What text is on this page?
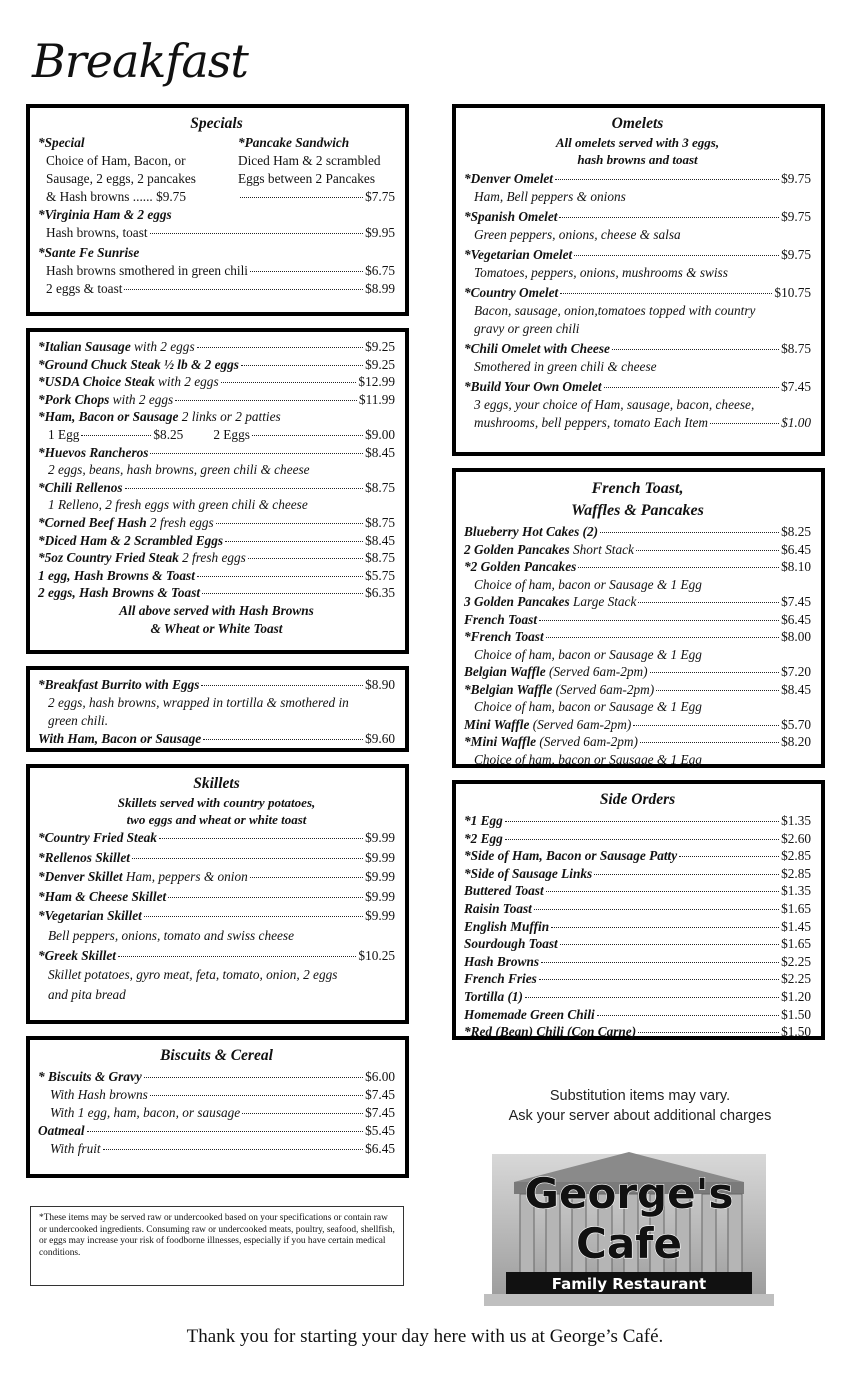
Breakfast
Specials
*Special
Choice of Ham, Bacon, or
Sausage, 2 eggs, 2 pancakes
& Hash browns ...... $9.75
*Pancake Sandwich
Diced Ham & 2 scrambled
Eggs between 2 Pancakes
$7.75
*Virginia Ham & 2 eggs
Hash browns, toast	$9.95
*Sante Fe Sunrise
Hash browns smothered in green chili	$6.75
2 eggs & toast	$8.99
*Italian Sausage with 2 eggs	$9.25
*Ground Chuck Steak ½ lb & 2 eggs	$9.25
*USDA Choice Steak with 2 eggs	$12.99
*Pork Chops with 2 eggs	$11.99
*Ham, Bacon or Sausage 2 links or 2 patties
1 Egg	$8.25 2 Eggs	$9.00
*Huevos Rancheros	$8.45
2 eggs, beans, hash browns, green chili & cheese
*Chili Rellenos	$8.75
1 Relleno, 2 fresh eggs with green chili & cheese
*Corned Beef Hash 2 fresh eggs	$8.75
*Diced Ham & 2 Scrambled Eggs	$8.45
*5oz Country Fried Steak 2 fresh eggs	$8.75
1 egg, Hash Browns & Toast	$5.75
2 eggs, Hash Browns & Toast	$6.35
All above served with Hash Browns
& Wheat or White Toast
*Breakfast Burrito with Eggs	$8.90
2 eggs, hash browns, wrapped in tortilla & smothered in
green chili.
With Ham, Bacon or Sausage	$9.60
Skillets
Skillets served with country potatoes,
two eggs and wheat or white toast
*Country Fried Steak	$9.99
*Rellenos Skillet	$9.99
*Denver Skillet Ham, peppers & onion	$9.99
*Ham & Cheese Skillet	$9.99
*Vegetarian Skillet	$9.99
Bell peppers, onions, tomato and swiss cheese
*Greek Skillet	$10.25
Skillet potatoes, gyro meat, feta, tomato, onion, 2 eggs
and pita bread
Biscuits & Cereal
* Biscuits & Gravy	$6.00
With Hash browns	$7.45
With 1 egg, ham, bacon, or sausage	$7.45
Oatmeal	$5.45
With fruit	$6.45
Omelets
All omelets served with 3 eggs,
hash browns and toast
*Denver Omelet	$9.75
Ham, Bell peppers & onions
*Spanish Omelet	$9.75
Green peppers, onions, cheese & salsa
*Vegetarian Omelet	$9.75
Tomatoes, peppers, onions, mushrooms & swiss
*Country Omelet	$10.75
Bacon, sausage, onion,tomatoes topped with country
gravy or green chili
*Chili Omelet with Cheese	$8.75
Smothered in green chili & cheese
*Build Your Own Omelet	$7.45
3 eggs, your choice of Ham, sausage, bacon, cheese,
mushrooms, bell peppers, tomato Each Item	$1.00
French Toast,
Waffles & Pancakes
Blueberry Hot Cakes (2)	$8.25
2 Golden Pancakes Short Stack	$6.45
*2 Golden Pancakes	$8.10
Choice of ham, bacon or Sausage & 1 Egg
3 Golden Pancakes Large Stack	$7.45
French Toast	$6.45
*French Toast	$8.00
Choice of ham, bacon or Sausage & 1 Egg
Belgian Waffle (Served 6am-2pm)	$7.20
*Belgian Waffle (Served 6am-2pm)	$8.45
Choice of ham, bacon or Sausage & 1 Egg
Mini Waffle (Served 6am-2pm)	$5.70
*Mini Waffle (Served 6am-2pm)	$8.20
Choice of ham, bacon or Sausage & 1 Egg
Side Orders
*1 Egg	$1.35
*2 Egg	$2.60
*Side of Ham, Bacon or Sausage Patty	$2.85
*Side of Sausage Links	$2.85
Buttered Toast	$1.35
Raisin Toast	$1.65
English Muffin	$1.45
Sourdough Toast	$1.65
Hash Browns	$2.25
French Fries	$2.25
Tortilla (1)	$1.20
Homemade Green Chili	$1.50
*Red (Bean) Chili (Con Carne)	$1.50
*These items may be served raw or undercooked based on your specifications or contain raw or undercooked ingredients. Consuming raw or undercooked meats, poultry, seafood, shellfish, or eggs may increase your risk of foodborne illnesses, especially if you have certain medical conditions.
Substitution items may vary.
Ask your server about additional charges
George's
Cafe
Family Restaurant
Thank you for starting your day here with us at George’s Café.
